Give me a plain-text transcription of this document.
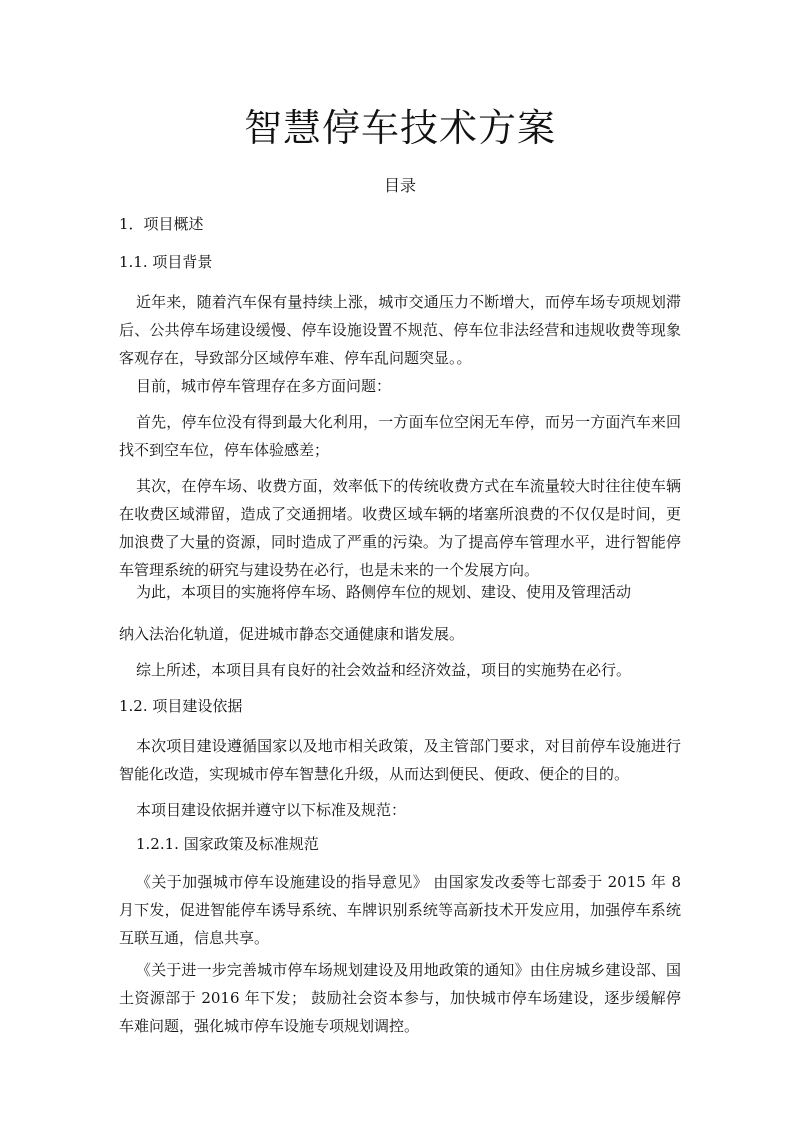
智慧停车技术方案
目录
1．项目概述
1.1. 项目背景

近年来，随着汽车保有量持续上涨，城市交通压力不断增大，而停车场专项规划滞后、公共停车场建设缓慢、停车设施设置不规范、停车位非法经营和违规收费等现象客观存在，导致部分区域停车难、停车乱问题突显。。

目前，城市停车管理存在多方面问题：

首先，停车位没有得到最大化利用，一方面车位空闲无车停，而另一方面汽车来回找不到空车位，停车体验感差；

其次，在停车场、收费方面，效率低下的传统收费方式在车流量较大时往往使车辆在收费区域滞留，造成了交通拥堵。收费区域车辆的堵塞所浪费的不仅仅是时间，更加浪费了大量的资源，同时造成了严重的污染。为了提高停车管理水平，进行智能停车管理系统的研究与建设势在必行，也是未来的一个发展方向。

为此，本项目的实施将停车场、路侧停车位的规划、建设、使用及管理活动

纳入法治化轨道，促进城市静态交通健康和谐发展。

综上所述，本项目具有良好的社会效益和经济效益，项目的实施势在必行。

1.2. 项目建设依据

本次项目建设遵循国家以及地市相关政策，及主管部门要求，对目前停车设施进行智能化改造，实现城市停车智慧化升级，从而达到便民、便政、便企的目的。

本项目建设依据并遵守以下标准及规范：

1.2.1. 国家政策及标准规范

《关于加强城市停车设施建设的指导意见》 由国家发改委等七部委于 2015 年 8 月下发，促进智能停车诱导系统、车牌识别系统等高新技术开发应用，加强停车系统互联互通，信息共享。

《关于进一步完善城市停车场规划建设及用地政策的通知》由住房城乡建设部、国土资源部于 2016 年下发； 鼓励社会资本参与，加快城市停车场建设，逐步缓解停车难问题，强化城市停车设施专项规划调控。
